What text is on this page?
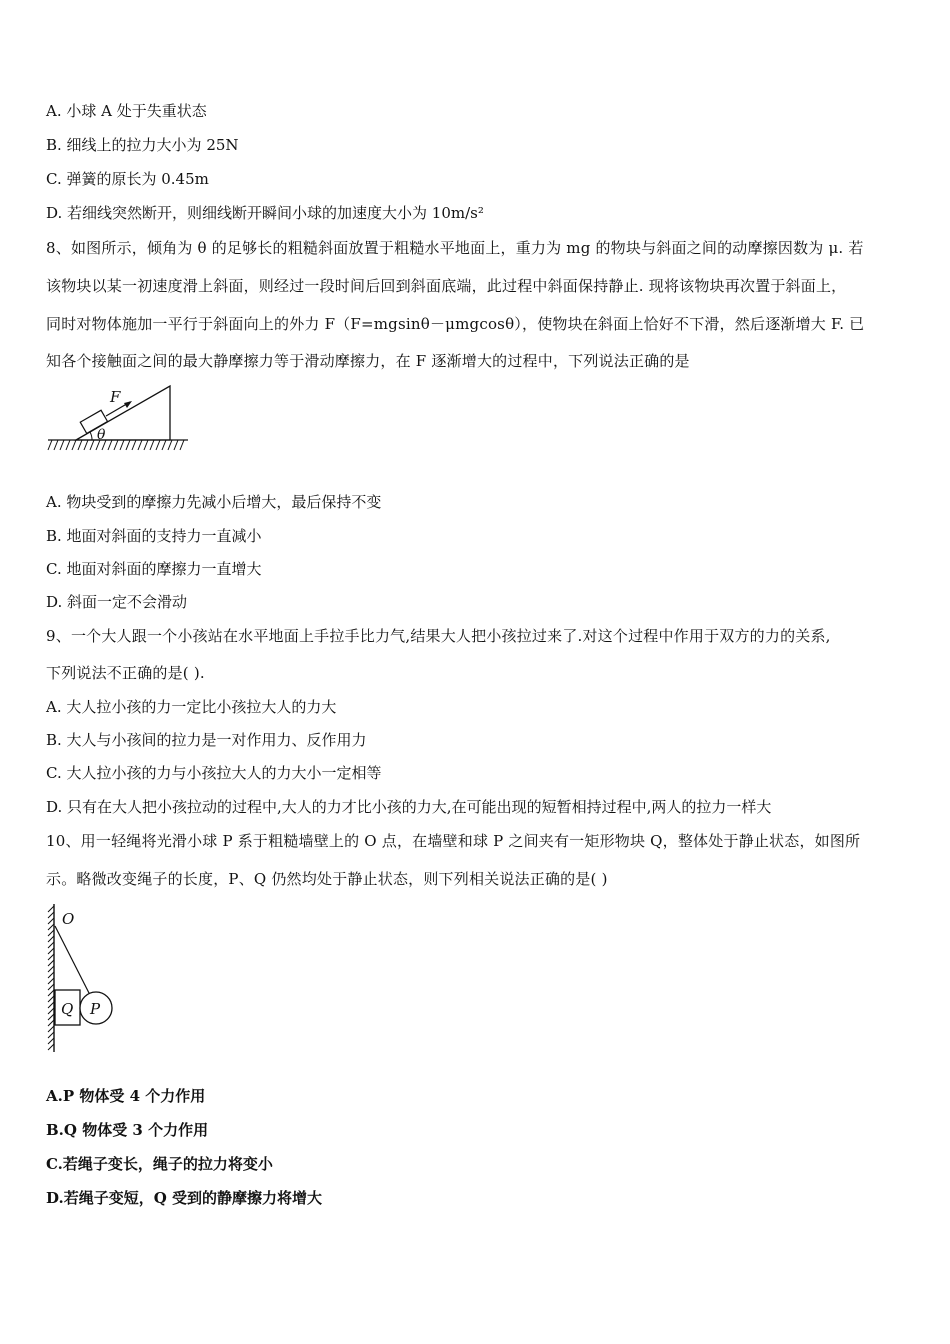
A. 小球 A 处于失重状态
B. 细线上的拉力大小为 25N
C. 弹簧的原长为 0.45m
D. 若细线突然断开，则细线断开瞬间小球的加速度大小为 10m/s²
8、如图所示，倾角为 θ 的足够长的粗糙斜面放置于粗糙水平地面上，重力为 mg 的物块与斜面之间的动摩擦因数为 μ. 若
该物块以某一初速度滑上斜面，则经过一段时间后回到斜面底端，此过程中斜面保持静止. 现将该物块再次置于斜面上，
同时对物体施加一平行于斜面向上的外力 F（F=mgsinθ－μmgcosθ），使物块在斜面上恰好不下滑，然后逐渐增大 F. 已
知各个接触面之间的最大静摩擦力等于滑动摩擦力，在 F 逐渐增大的过程中，下列说法正确的是
F
θ
A. 物块受到的摩擦力先减小后增大，最后保持不变
B. 地面对斜面的支持力一直减小
C. 地面对斜面的摩擦力一直增大
D. 斜面一定不会滑动
9、一个大人跟一个小孩站在水平地面上手拉手比力气,结果大人把小孩拉过来了.对这个过程中作用于双方的力的关系,
下列说法不正确的是( ).
A. 大人拉小孩的力一定比小孩拉大人的力大
B. 大人与小孩间的拉力是一对作用力、反作用力
C. 大人拉小孩的力与小孩拉大人的力大小一定相等
D. 只有在大人把小孩拉动的过程中,大人的力才比小孩的力大,在可能出现的短暂相持过程中,两人的拉力一样大
10、用一轻绳将光滑小球 P 系于粗糙墙壁上的 O 点，在墙壁和球 P 之间夹有一矩形物块 Q，整体处于静止状态，如图所
示。略微改变绳子的长度，P、Q 仍然均处于静止状态，则下列相关说法正确的是( )
O
Q P
A.P 物体受 4 个力作用
B.Q 物体受 3 个力作用
C.若绳子变长，绳子的拉力将变小
D.若绳子变短，Q 受到的静摩擦力将增大
